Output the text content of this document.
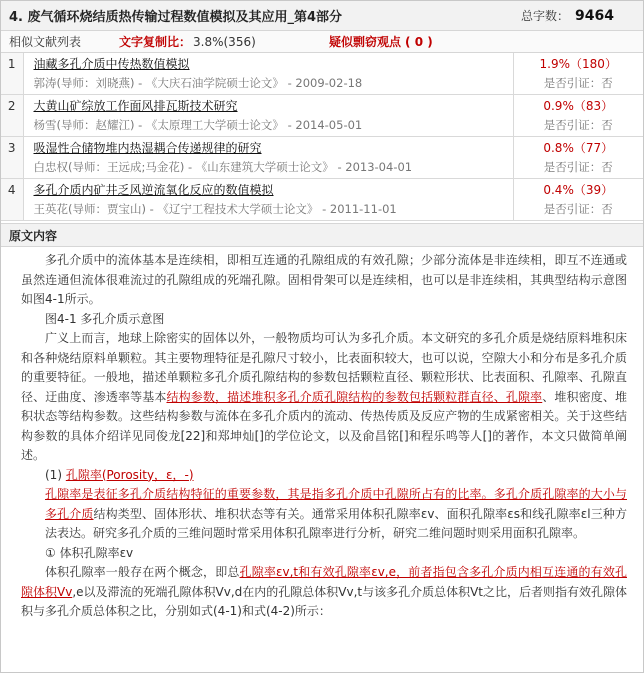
4. 废气循环烧结质热传输过程数值模拟及其应用_第4部分	总字数： 9464
相似文献列表	文字复制比： 3.8%(356)	疑似剽窃观点 ( 0 )
1	油藏多孔介质中传热数值模拟
郭涛(导师：刘晓燕) - 《大庆石油学院硕士论文》 - 2009-02-18	1.9%（180）
是否引证：否

2	大黄山矿综放工作面风排瓦斯技术研究
杨雪(导师：赵耀江) - 《太原理工大学硕士论文》 - 2014-05-01	0.9%（83）
是否引证：否

3	吸湿性合储物堆内热湿耦合传递规律的研究
白忠权(导师：王远成;马金花) - 《山东建筑大学硕士论文》 - 2013-04-01	0.8%（77）
是否引证：否

4	多孔介质内矿井乏风逆流氧化反应的数值模拟
王英花(导师：贾宝山) - 《辽宁工程技术大学硕士论文》 - 2011-11-01	0.4%（39）
是否引证：否
原文内容

多孔介质中的流体基本是连续相，即相互连通的孔隙组成的有效孔隙；少部分流体是非连续相，即互不连通或虽然连通但流体很难流过的孔隙组成的死端孔隙。固相骨架可以是连续相，也可以是非连续相，其典型结构示意图如图4-1所示。

图4-1 多孔介质示意图

广义上而言，地球上除密实的固体以外，一般物质均可认为多孔介质。本文研究的多孔介质是烧结原料堆积床和各种烧结原料单颗粒。其主要物理特征是孔隙尺寸较小，比表面积较大，也可以说，空隙大小和分布是多孔介质的重要特征。一般地，描述单颗粒多孔介质孔隙结构的参数包括颗粒直径、颗粒形状、比表面积、孔隙率、孔隙直径、迂曲度、渗透率等基本结构参数，描述堆积多孔介质孔隙结构的参数包括颗粒群直径、孔隙率、堆积密度、堆积状态等结构参数。这些结构参数与流体在多孔介质内的流动、传热传质及反应产物的生成紧密相关。关于这些结构参数的具体介绍详见同俊龙[22]和郑坤灿[]的学位论文，以及俞昌铭[]和程乐鸣等人[]的著作，本文只做简单阐述。

(1) 孔隙率(Porosity，ε，-)

孔隙率是表征多孔介质结构特征的重要参数，其是指多孔介质中孔隙所占有的比率。多孔介质孔隙率的大小与多孔介质结构类型、固体形状、堆积状态等有关。通常采用体积孔隙率εv、面积孔隙率εs和线孔隙率εl三种方法表达。研究多孔介质的三维问题时常采用体积孔隙率进行分析，研究二维问题时则采用面积孔隙率。

① 体积孔隙率εv

体积孔隙率一般存在两个概念，即总孔隙率εv,t和有效孔隙率εv,e，前者指包含多孔介质内相互连通的有效孔隙体积Vv,e以及滞流的死端孔隙体积Vv,d在内的孔隙总体积Vv,t与该多孔介质总体积Vt之比，后者则指有效孔隙体积与多孔介质总体积之比，分别如式(4-1)和式(4-2)所示：
